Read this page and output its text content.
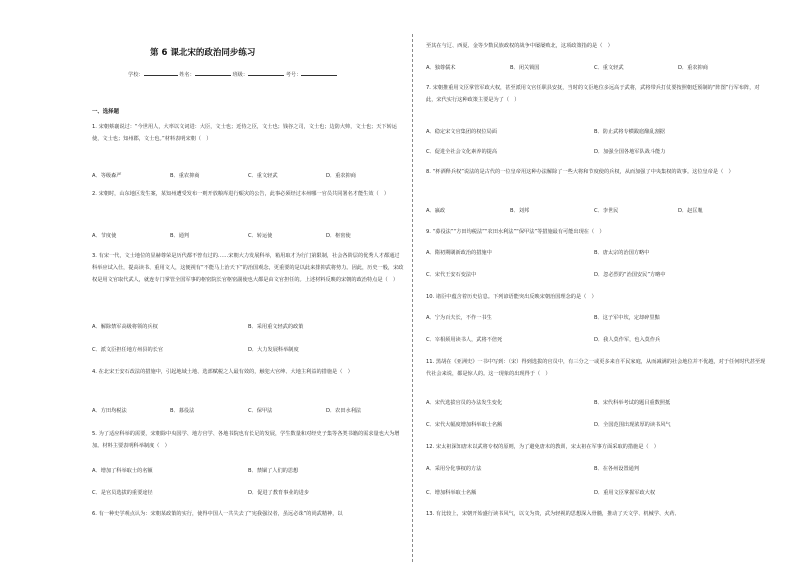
第 6 课北宋的政治同步练习
学校：	姓名：	班级：	考号：
一、选择题
1. 宋朝蔡襄说过：“今世用人，大率以文词进：大臣，文士也；近侍之臣，文士也；钱谷之司，文士也；边防大帅，文士也；天下转运使，文士也；知州郡，文士也。”材料表明宋朝（　）
A．等级森严	B．重农抑商	C．重文轻武	D．重农抑商
2. 宋朝时，山东地区发生案，某知州遭受发布一则开放粮库进行赈灾的公告，此事必须经过本州哪一官员共同署名才能生效（　）
A．节度使	B．通判	C．转运使	D．枢密使
3. 有宋一代，文士地位的显赫尊荣是历代都不曾有过的……宋朝大力发展科举，箱用取才为行门第限制，社会各阶层的优秀人才都通过科举应试入仕，提高读书、重用文人，这便视有“不能马上治天下”的治国观念，更重要的是以此来排抑武将势力。因此，历史一般，宋政权是用文官取代武人，就连专门掌管全国军事的枢密院长官枢密副使也大都是由文官担任的。上述材料反映的宋朝的政治特点是（　）
A．解除禁军高级将领的兵权	B．采用重文轻武的政策
C．派文臣担任地方州县的长官	D．大力发展科举制度
4. 在北宋王安石改法的措施中，引起地域土地、选部赋税之人最有效的，触犯大官绅、大地主利益的措施是（　）
A．方田均税法	B．募役法	C．保甲法	D．农田水利法
5. 为了适应科举的需要，宋朝除中央国学、地方官学、各地书院也有长足的发展，学生数量和对经史子集等各类书籍的需求量也大为增加。材料主要表明科举制度（　）
A．增加了科举取士的名额	B．禁锢了人们的思想
C．是官员选拔的重要途径	D．促进了教育事业的进步
6. 有一种史学观点认为：宋朝某政策的实行，使得中国人一共失去了“宪我强汉者，虽远必诛”的尚武精神，以
至其在与辽、西夏、金等少数民族政权的战争中屡屡败北，这项政策指的是（　）
A．独尊儒术	B．闭关锁国	C．重文轻武	D．重农抑商
7. 宋朝推重用文臣掌管军政大权，甚至派用文官任职县安抚，当时的文臣地位多远高于武将，武将带兵打仗要按照朝廷预制的“阵图”行军布阵，对此，宋代实行这种政策主要是为了（　）
A．稳定宋文官集团的权位局面	B．防止武将专横跋扈酿乱割据
C．促进全社会文化素养的提高	D．加强全国各地军队战斗能力
8. “杯酒释兵权”说法的是古代的一位皇帝用这种办法解除了一些大将和节度使的兵权，从而加强了中央集权的故事。这位皇帝是（　）
A．嬴政	B．刘邦	C．李世民	D．赵匡胤
9. “募役法”“方田均税法”“农田水利法”“保甲法”等措施最有可能出现在（　）
A．隋初期刷新政治的措施中	B．唐太宗的治国方略中
C．宋代王安石变法中	D．忽必烈的“治国安民”方略中
10. 诸臣中蕴含着历史信息。下列谚语能突出反映宋朝治国理念的是（　）
A．宁为百夫长，不作一书生	B．这子军中坎，定却碎里黯
C．宰相须用读书人，武将不倍死	D．我人莫作军，也入莫作兵
11. 黑胡在《亚洲史》一书中写到：（宋）得到选拔的官员中，有三分之一或更多来自平民家庭，从而减满的社会地位并不优越，对于任何时代甚至现代社会来说，都是惊人的。这一现象的出现得于（　）
A．宋代选拔官员的办法发生变化	B．宋代科举考试的题目重数照抵
C．宋代大幅度增加科举取士名额	D．全国范围出现浓厚的读书风气
12. 宋太祖深知唐末以武将专权的原则，为了避免唐末的教训，宋太祖在军事方面采取的措施是（　）
A．采用分化事权的方法	B．在各州设置通判
C．增加科举取士名额	D．重用文臣掌握军政大权
13. 有比较上，宋朝开始盛行读书风气，以文为贵，武为轻视的思想深入骨髓，推动了天文学、机械学、火药、
